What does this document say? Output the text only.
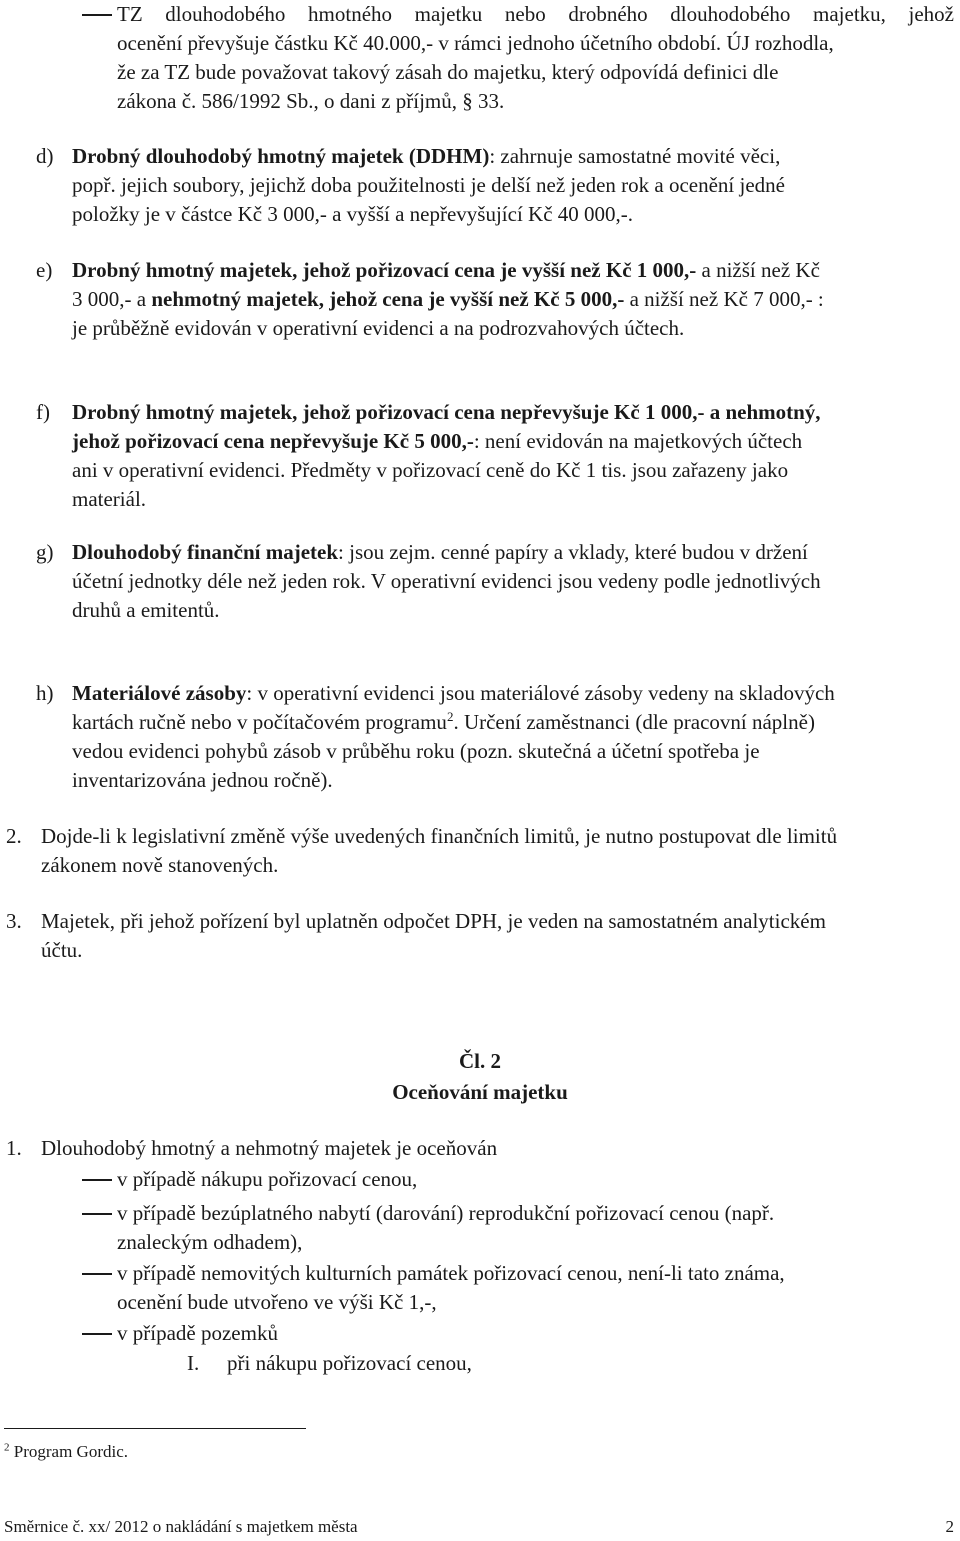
TZ dlouhodobého hmotného majetku nebo drobného dlouhodobého majetku, jehož
ocenění převyšuje částku Kč 40.000,- v rámci jednoho účetního období. ÚJ rozhodla,
že za TZ bude považovat takový zásah do majetku, který odpovídá definici dle
zákona č. 586/1992 Sb., o dani z příjmů, § 33.
d) Drobný dlouhodobý hmotný majetek (DDHM): zahrnuje samostatné movité věci,
popř. jejich soubory, jejichž doba použitelnosti je delší než jeden rok a ocenění jedné
položky je v částce Kč 3 000,- a vyšší a nepřevyšující Kč 40 000,-.
e) Drobný hmotný majetek, jehož pořizovací cena je vyšší než Kč 1 000,- a nižší než Kč
3 000,- a nehmotný majetek, jehož cena je vyšší než Kč 5 000,- a nižší než Kč 7 000,- :
je průběžně evidován v operativní evidenci a na podrozvahových účtech.
f) Drobný hmotný majetek, jehož pořizovací cena nepřevyšuje Kč 1 000,- a nehmotný,
jehož pořizovací cena nepřevyšuje Kč 5 000,-: není evidován na majetkových účtech
ani v operativní evidenci. Předměty v pořizovací ceně do Kč 1 tis. jsou zařazeny jako
materiál.
g) Dlouhodobý finanční majetek: jsou zejm. cenné papíry a vklady, které budou v držení
účetní jednotky déle než jeden rok. V operativní evidenci jsou vedeny podle jednotlivých
druhů a emitentů.
h) Materiálové zásoby: v operativní evidenci jsou materiálové zásoby vedeny na skladových
kartách ručně nebo v počítačovém programu$^2$. Určení zaměstnanci (dle pracovní náplně)
vedou evidenci pohybů zásob v průběhu roku (pozn. skutečná a účetní spotřeba je
inventarizována jednou ročně).
2. Dojde-li k legislativní změně výše uvedených finančních limitů, je nutno postupovat dle limitů
zákonem nově stanovených.
3. Majetek, při jehož pořízení byl uplatněn odpočet DPH, je veden na samostatném analytickém
účtu.
Čl. 2
Oceňování majetku
1. Dlouhodobý hmotný a nehmotný majetek je oceňován
v případě nákupu pořizovací cenou,
v případě bezúplatného nabytí (darování) reprodukční pořizovací cenou (např.
znaleckým odhadem),
v případě nemovitých kulturních památek pořizovací cenou, není-li tato známa,
ocenění bude utvořeno ve výši Kč 1,-,
v případě pozemků
I. při nákupu pořizovací cenou,
$^2$ Program Gordic.
Směrnice č. xx/ 2012 o nakládání s majetkem města	2
